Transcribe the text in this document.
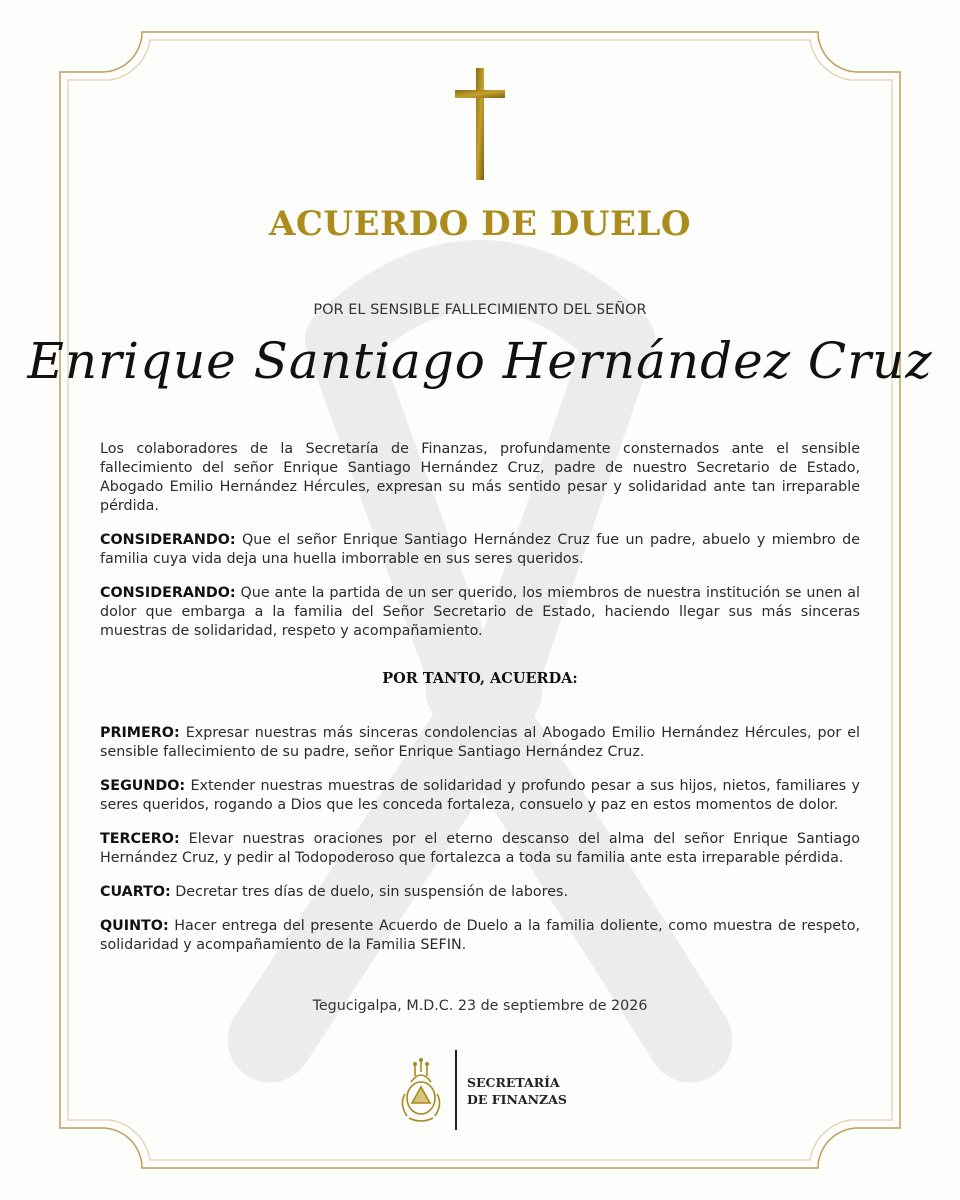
ACUERDO DE DUELO

POR EL SENSIBLE FALLECIMIENTO DEL SEÑOR

Enrique Santiago Hernández Cruz

Los colaboradores de la Secretaría de Finanzas, profundamente consternados ante el sensible fallecimiento del señor Enrique Santiago Hernández Cruz, padre de nuestro Secretario de Estado, Abogado Emilio Hernández Hércules, expresan su más sentido pesar y solidaridad ante tan irreparable pérdida.

CONSIDERANDO: Que el señor Enrique Santiago Hernández Cruz fue un padre, abuelo y miembro de familia cuya vida deja una huella imborrable en sus seres queridos.

CONSIDERANDO: Que ante la partida de un ser querido, los miembros de nuestra institución se unen al dolor que embarga a la familia del Señor Secretario de Estado, haciendo llegar sus más sinceras muestras de solidaridad, respeto y acompañamiento.

POR TANTO, ACUERDA:

PRIMERO: Expresar nuestras más sinceras condolencias al Abogado Emilio Hernández Hércules, por el sensible fallecimiento de su padre, señor Enrique Santiago Hernández Cruz.

SEGUNDO: Extender nuestras muestras de solidaridad y profundo pesar a sus hijos, nietos, familiares y seres queridos, rogando a Dios que les conceda fortaleza, consuelo y paz en estos momentos de dolor.

TERCERO: Elevar nuestras oraciones por el eterno descanso del alma del señor Enrique Santiago Hernández Cruz, y pedir al Todopoderoso que fortalezca a toda su familia ante esta irreparable pérdida.

CUARTO: Decretar tres días de duelo, sin suspensión de labores.

QUINTO: Hacer entrega del presente Acuerdo de Duelo a la familia doliente, como muestra de respeto, solidaridad y acompañamiento de la Familia SEFIN.

Tegucigalpa, M.D.C. 23 de septiembre de 2026

SECRETARÍA
DE FINANZAS
